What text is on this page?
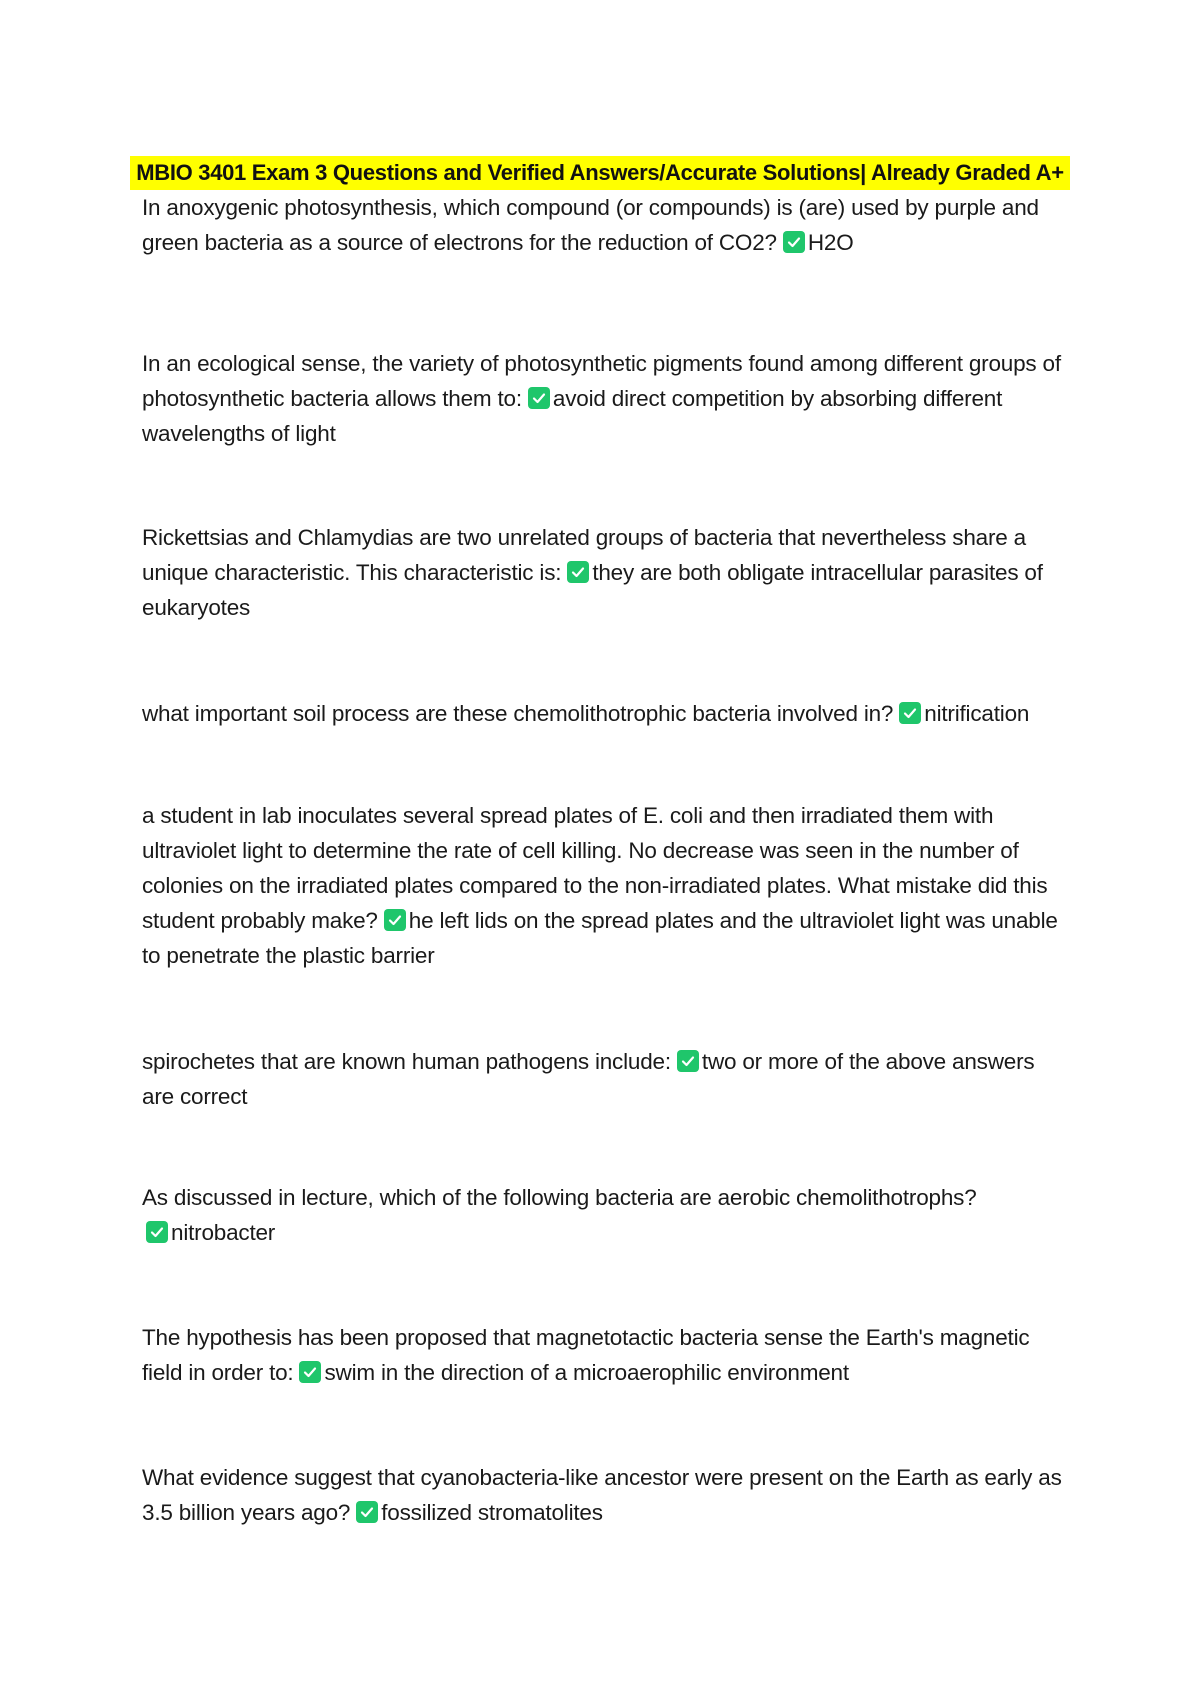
MBIO 3401 Exam 3 Questions and Verified Answers/Accurate Solutions| Already Graded A+
In anoxygenic photosynthesis, which compound (or compounds) is (are) used by purple and green bacteria as a source of electrons for the reduction of CO2? H2O
In an ecological sense, the variety of photosynthetic pigments found among different groups of photosynthetic bacteria allows them to: avoid direct competition by absorbing different wavelengths of light
Rickettsias and Chlamydias are two unrelated groups of bacteria that nevertheless share a unique characteristic. This characteristic is: they are both obligate intracellular parasites of eukaryotes
what important soil process are these chemolithotrophic bacteria involved in? nitrification
a student in lab inoculates several spread plates of E. coli and then irradiated them with ultraviolet light to determine the rate of cell killing. No decrease was seen in the number of colonies on the irradiated plates compared to the non-irradiated plates. What mistake did this student probably make? he left lids on the spread plates and the ultraviolet light was unable to penetrate the plastic barrier
spirochetes that are known human pathogens include: two or more of the above answers are correct
As discussed in lecture, which of the following bacteria are aerobic chemolithotrophs?

nitrobacter
The hypothesis has been proposed that magnetotactic bacteria sense the Earth's magnetic field in order to: swim in the direction of a microaerophilic environment
What evidence suggest that cyanobacteria-like ancestor were present on the Earth as early as 3.5 billion years ago? fossilized stromatolites
